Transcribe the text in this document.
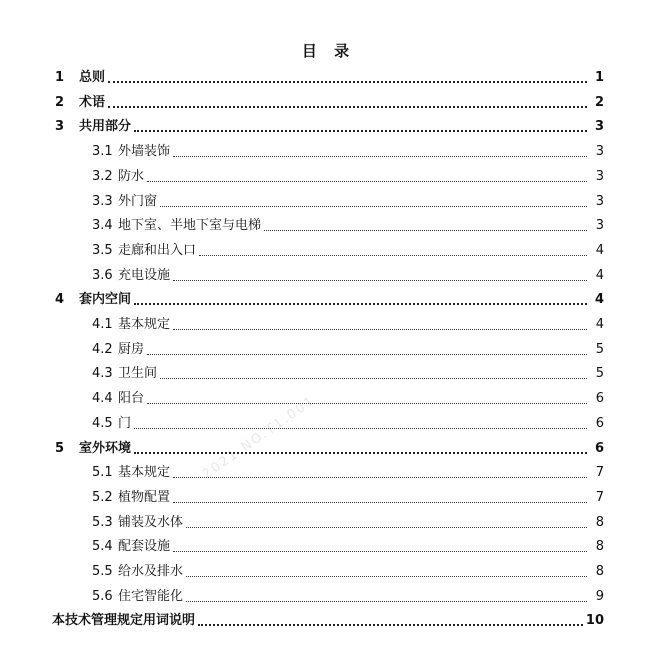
目 录
2021.NO.T1.001
1	总则	1
2	术语	2
3	共用部分	3
3.1 外墙装饰	3
3.2 防水	3
3.3 外门窗	3
3.4 地下室、半地下室与电梯	3
3.5 走廊和出入口	4
3.6 充电设施	4
4	套内空间	4
4.1 基本规定	4
4.2 厨房	5
4.3 卫生间	5
4.4 阳台	6
4.5 门	6
5	室外环境	6
5.1 基本规定	7
5.2 植物配置	7
5.3 铺装及水体	8
5.4 配套设施	8
5.5 给水及排水	8
5.6 住宅智能化	9
本技术管理规定用词说明	10
